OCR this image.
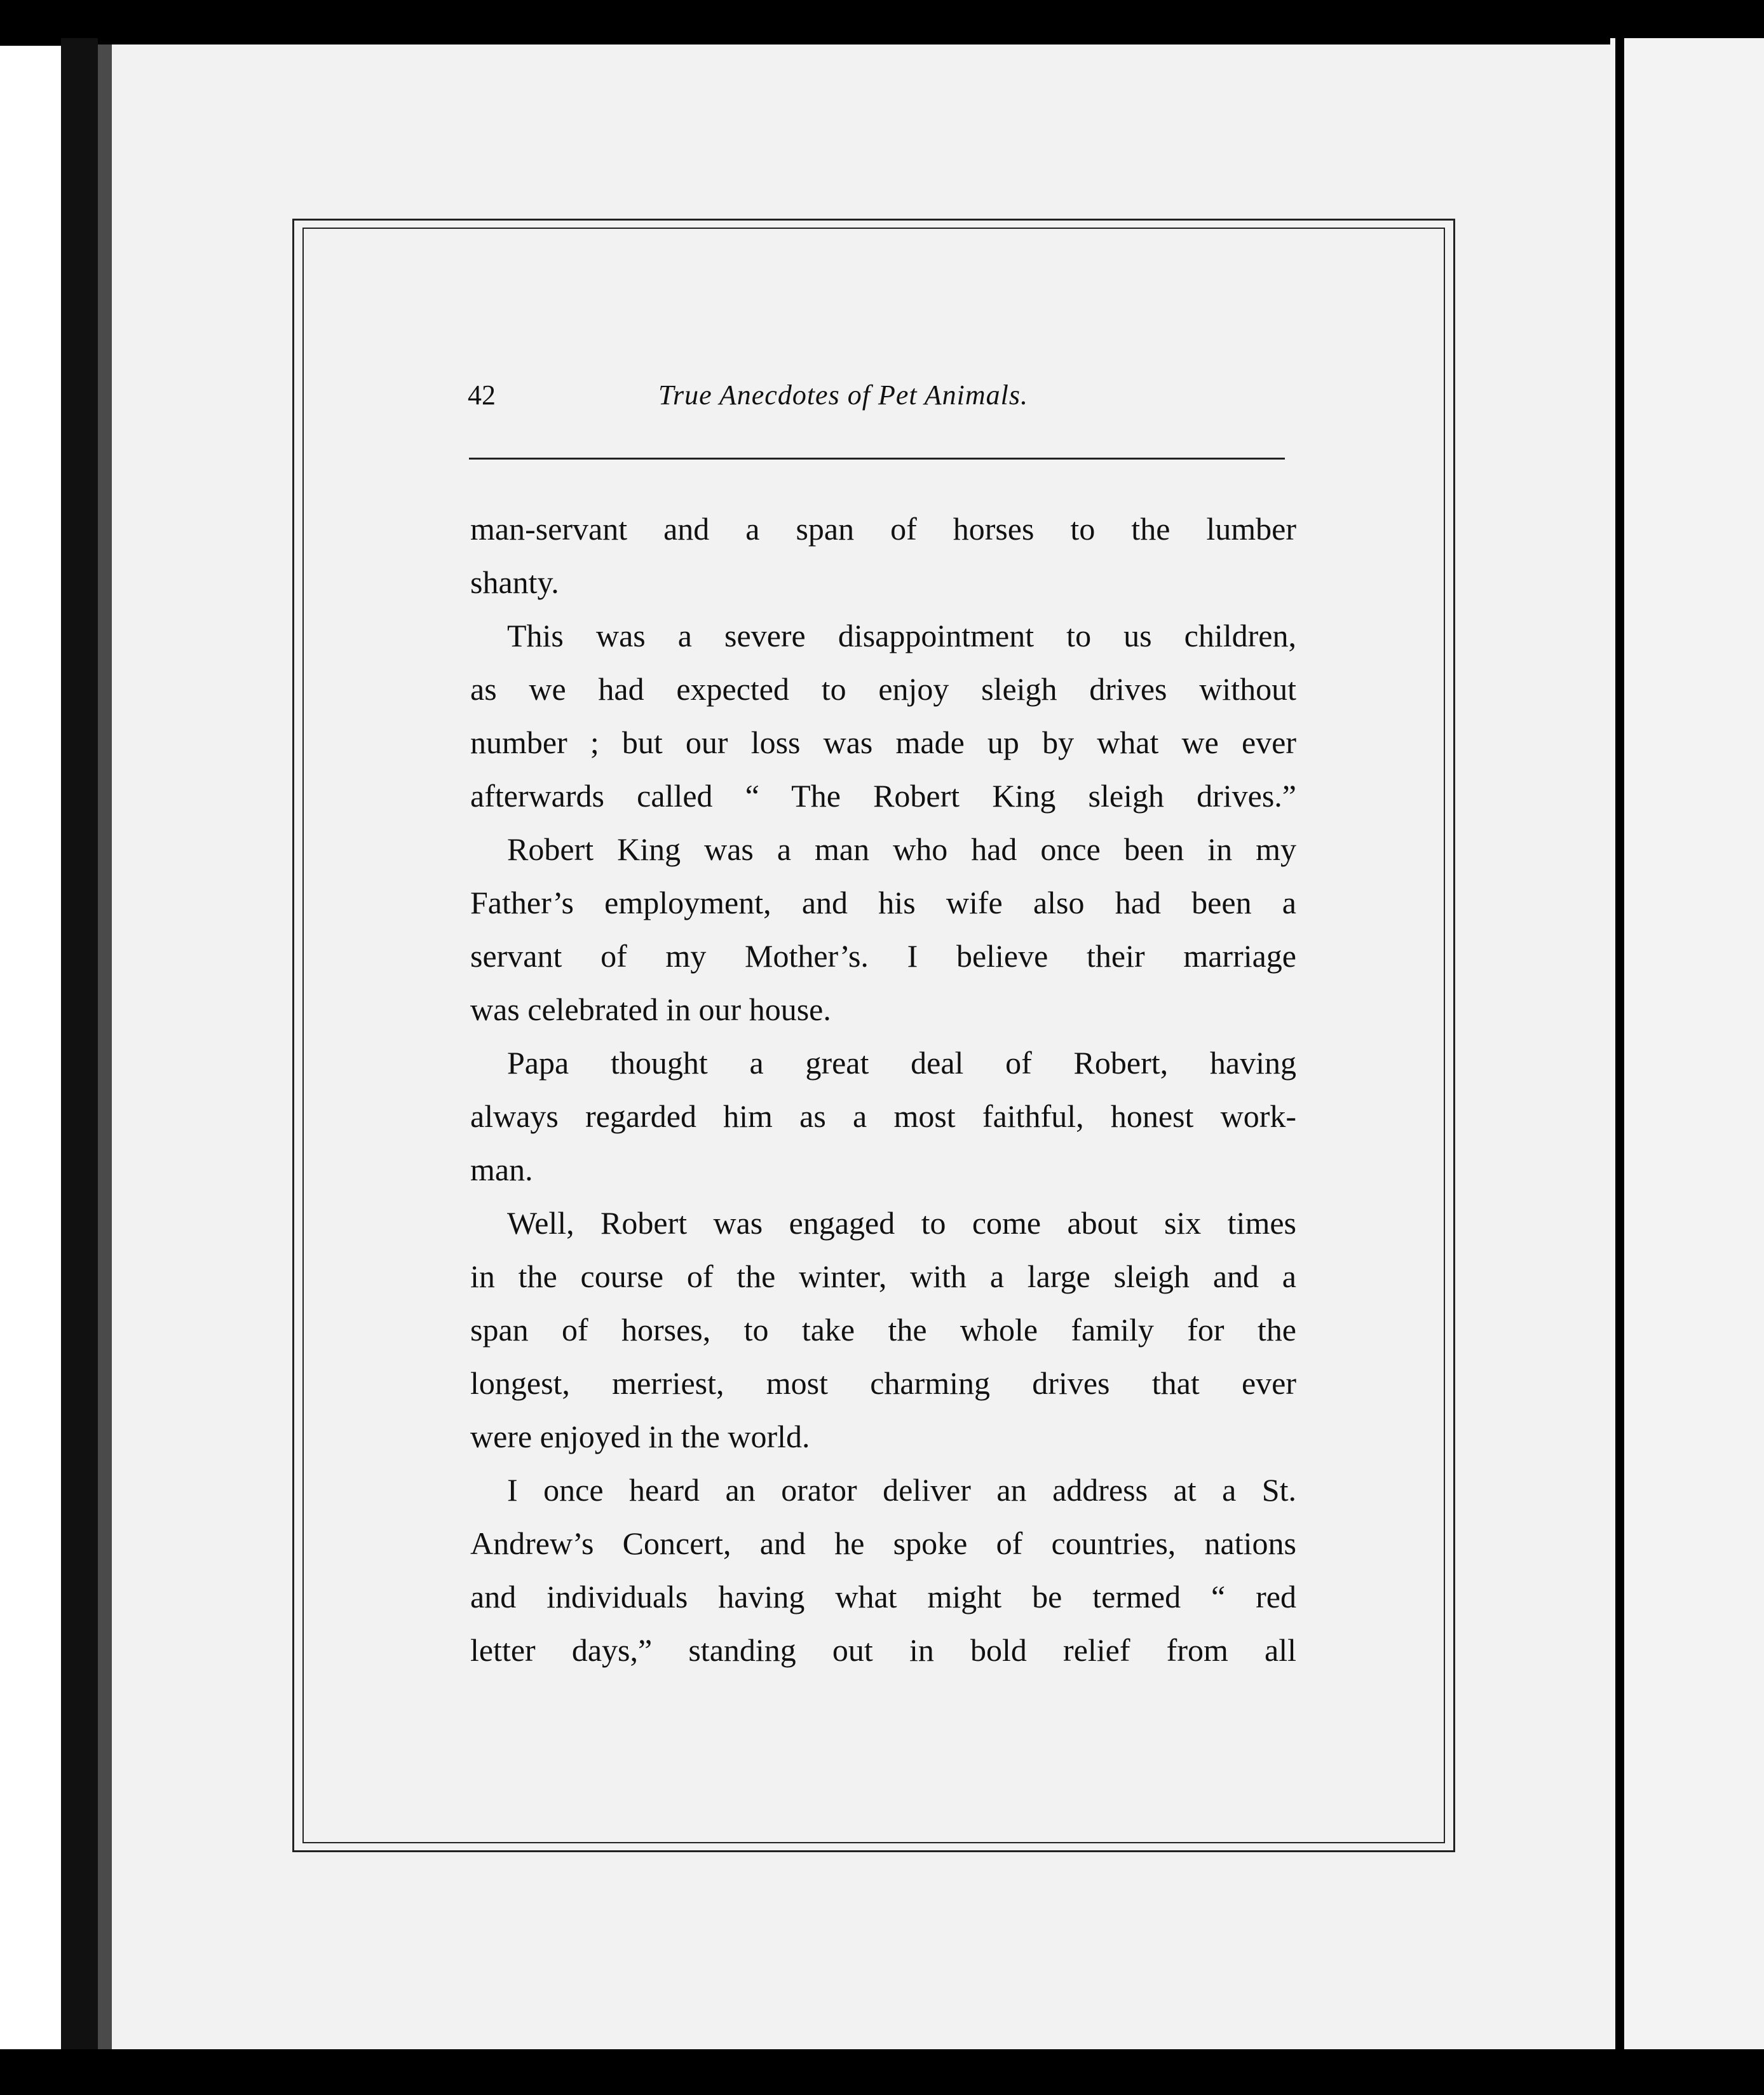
42	True Anecdotes of Pet Animals.
man-servant and a span of horses to the lumber
shanty.
This was a severe disappointment to us children,
as we had expected to enjoy sleigh drives without
number ; but our loss was made up by what we ever
afterwards called “ The Robert King sleigh drives.”
Robert King was a man who had once been in my
Father’s employment, and his wife also had been a
servant of my Mother’s. I believe their marriage
was celebrated in our house.
Papa thought a great deal of Robert, having
always regarded him as a most faithful, honest work-
man.
Well, Robert was engaged to come about six times
in the course of the winter, with a large sleigh and a
span of horses, to take the whole family for the
longest, merriest, most charming drives that ever
were enjoyed in the world.
I once heard an orator deliver an address at a St.
Andrew’s Concert, and he spoke of countries, nations
and individuals having what might be termed “ red
letter days,” standing out in bold relief from all
